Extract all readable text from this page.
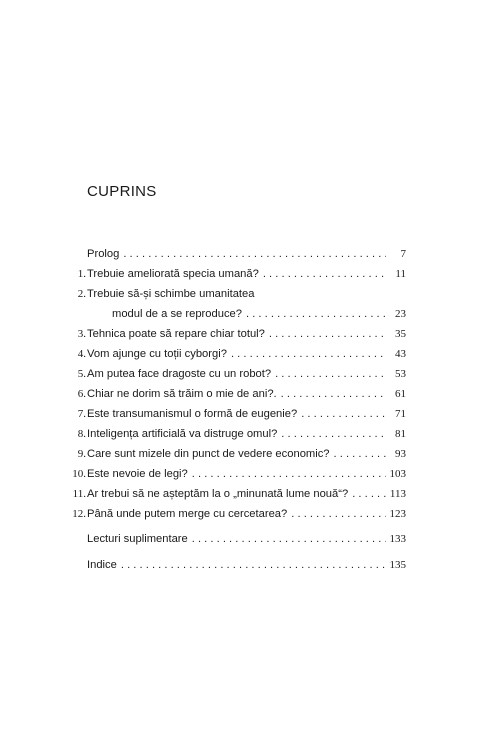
CUPRINS
Prolog . . .	7
1. Trebuie ameliorată specia umană? . . .	11
2. Trebuie să-și schimbe umanitatea
modul de a se reproduce? . . .	23
3. Tehnica poate să repare chiar totul? . . .	35
4. Vom ajunge cu toții cyborgi? . . .	43
5. Am putea face dragoste cu un robot? . . .	53
6. Chiar ne dorim să trăim o mie de ani?. . . .	61
7. Este transumanismul o formă de eugenie? . . .	71
8. Inteligența artificială va distruge omul? . . .	81
9. Care sunt mizele din punct de vedere economic? . . .	93
10. Este nevoie de legi? . . .	103
11. Ar trebui să ne așteptăm la o „minunată lume nouă“? . . .	113
12. Până unde putem merge cu cercetarea? . . .	123
Lecturi suplimentare . . .	133
Indice . . .	135
